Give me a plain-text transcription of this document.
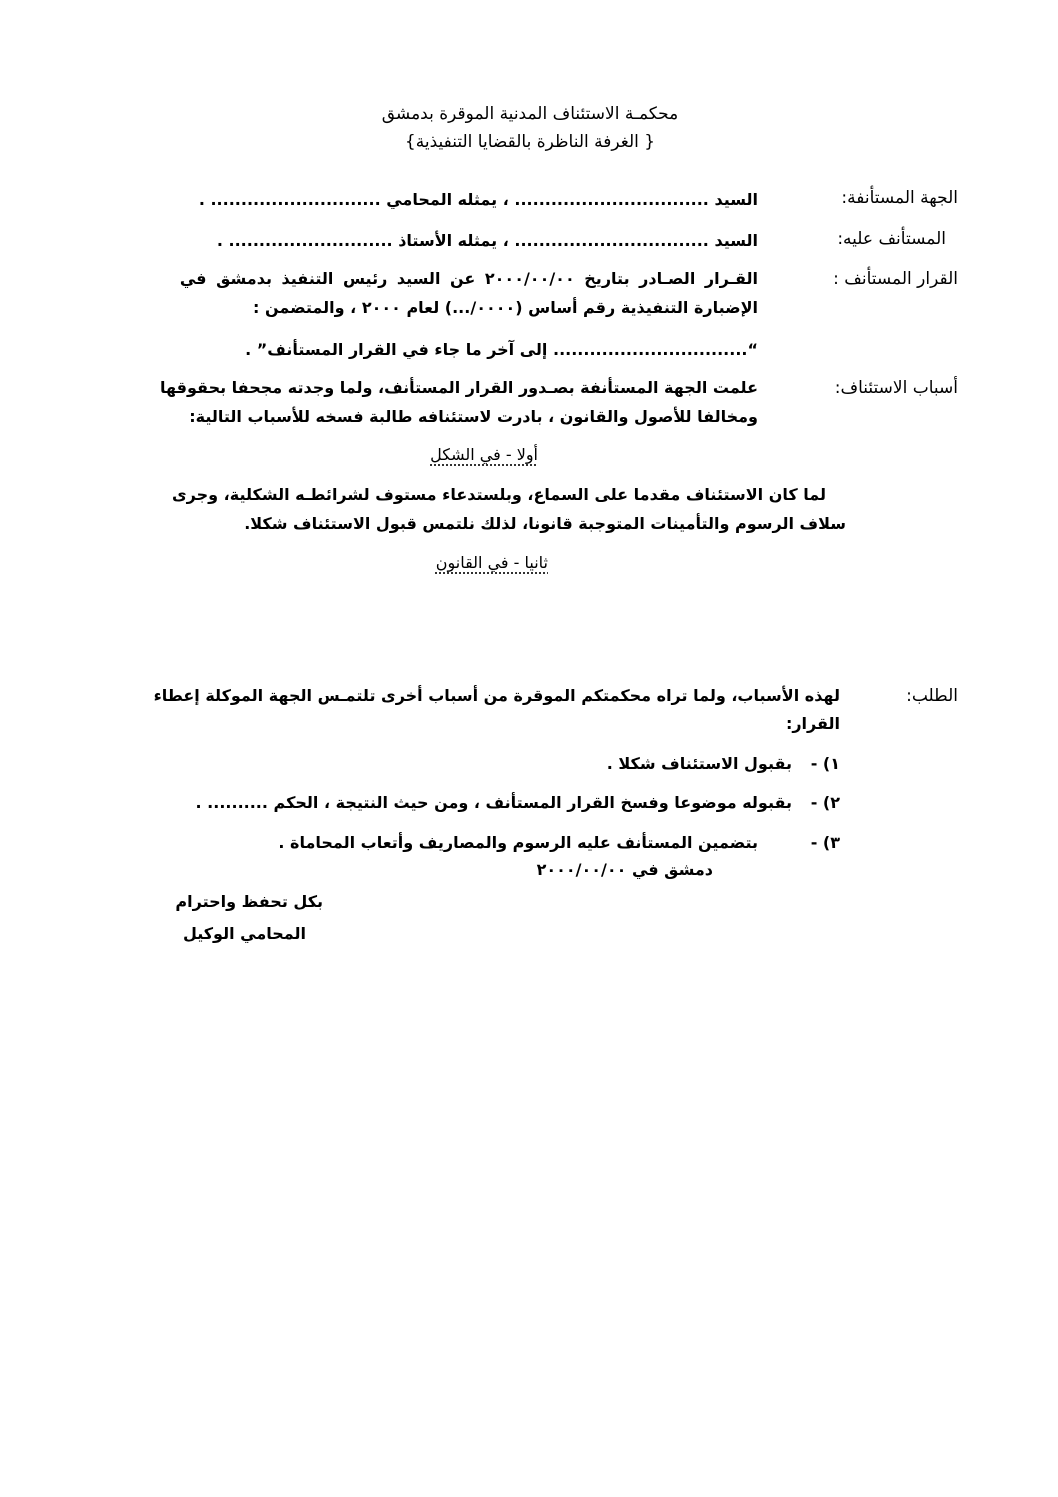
محكمـة الاستئناف المدنية الموقرة بدمشق
{ الغرفة الناظرة بالقضايا التنفيذية}
الجهة المستأنفة:
السيد ................................ ، يمثله المحامي ............................ .
المستأنف عليه:
السيد ................................ ، يمثله الأستاذ ........................... .
القرار المستأنف :
القـرار الصـادر بتاريخ ٢٠٠٠/٠٠/٠٠ عن السيد رئيس التنفيذ بدمشق في
الإضبارة التنفيذية رقم أساس (٠٠٠٠/...) لعام ٢٠٠٠ ، والمتضمن :
“................................ إلى آخر ما جاء في القرار المستأنف” .
أسباب الاستئناف:
علمت الجهة المستأنفة بصـدور القرار المستأنف، ولما وجدته مجحفا بحقوقها
ومخالفا للأصول والقانون ، بادرت لاستئنافه طالبة فسخه للأسباب التالية:
أولا - في الشكل
لما كان الاستئناف مقدما على السماع، وبلستدعاء مستوف لشرائطـه الشكلية، وجرى
سلاف الرسوم والتأمينات المتوجبة قانونا، لذلك نلتمس قبول الاستئناف شكلا.
ثانيا - في القانون
الطلب:
لهذه الأسباب، ولما تراه محكمتكم الموقرة من أسباب أخرى تلتمـس الجهة الموكلة إعطاء
القرار:
١) -
بقبول الاستئناف شكلا .
٢) -
بقبوله موضوعا وفسخ القرار المستأنف ، ومن حيث النتيجة ، الحكم .......... .
٣) -
بتضمين المستأنف عليه الرسوم والمصاريف وأتعاب المحاماة .
دمشق في ٢٠٠٠/٠٠/٠٠
بكل تحفظ واحترام
المحامي الوكيل
